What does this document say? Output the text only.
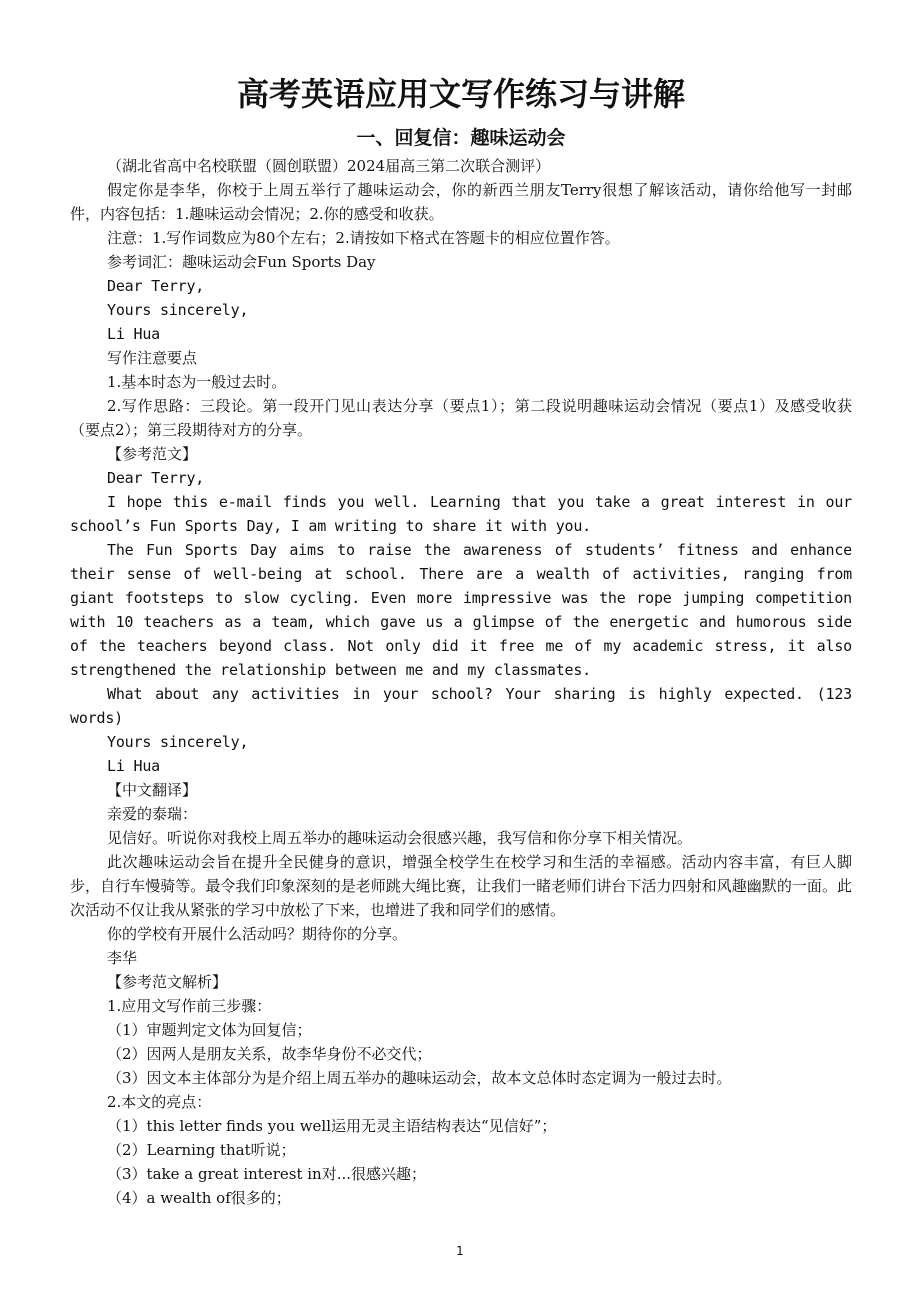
高考英语应用文写作练习与讲解
一、回复信：趣味运动会

（湖北省高中名校联盟（圆创联盟）2024届高三第二次联合测评）

假定你是李华，你校于上周五举行了趣味运动会，你的新西兰朋友Terry很想了解该活动，请你给他写一封邮件，内容包括：1.趣味运动会情况；2.你的感受和收获。

注意：1.写作词数应为80个左右；2.请按如下格式在答题卡的相应位置作答。

参考词汇：趣味运动会Fun Sports Day

Dear Terry,

Yours sincerely,

Li Hua

写作注意要点

1.基本时态为一般过去时。

2.写作思路：三段论。第一段开门见山表达分享（要点1）；第二段说明趣味运动会情况（要点1）及感受收获（要点2）；第三段期待对方的分享。

【参考范文】

Dear Terry,

I hope this e-mail finds you well. Learning that you take a great interest in our school’s Fun Sports Day, I am writing to share it with you.

The Fun Sports Day aims to raise the awareness of students’ fitness and enhance their sense of well-being at school. There are a wealth of activities, ranging from giant footsteps to slow cycling. Even more impressive was the rope jumping competition with 10 teachers as a team, which gave us a glimpse of the energetic and humorous side of the teachers beyond class. Not only did it free me of my academic stress, it also strengthened the relationship between me and my classmates.

What about any activities in your school? Your sharing is highly expected. (123 words)

Yours sincerely,

Li Hua

【中文翻译】

亲爱的泰瑞：

见信好。听说你对我校上周五举办的趣味运动会很感兴趣，我写信和你分享下相关情况。

此次趣味运动会旨在提升全民健身的意识，增强全校学生在校学习和生活的幸福感。活动内容丰富，有巨人脚步，自行车慢骑等。最令我们印象深刻的是老师跳大绳比赛，让我们一睹老师们讲台下活力四射和风趣幽默的一面。此次活动不仅让我从紧张的学习中放松了下来，也增进了我和同学们的感情。

你的学校有开展什么活动吗？期待你的分享。

李华

【参考范文解析】

1.应用文写作前三步骤：

（1）审题判定文体为回复信；

（2）因两人是朋友关系，故李华身份不必交代；

（3）因文本主体部分为是介绍上周五举办的趣味运动会，故本文总体时态定调为一般过去时。

2.本文的亮点：

（1）this letter finds you well运用无灵主语结构表达“见信好”；

（2）Learning that听说；

（3）take a great interest in对...很感兴趣；

（4）a wealth of很多的；

1
